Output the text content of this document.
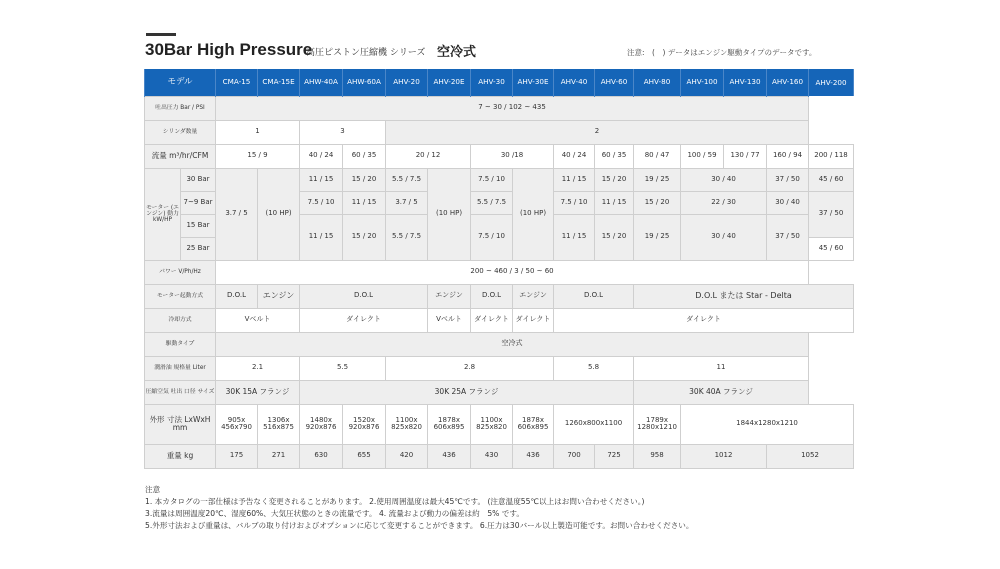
30Bar High Pressure
高圧ピストン圧縮機 シリーズ 空冷式	注意:　(　) データはエンジン駆動タイプのデータです。
モデル		CMA-15	CMA-15E	AHW-40A	AHW-60A	AHV-20	AHV-20E	AHV-30	AHV-30E	AHV-40	AHV-60	AHV-80	AHV-100	AHV-130	AHV-160	AHV-200
吐出圧力 Bar / PSI		7 ~ 30 / 102 ~ 435														
シリンダ数量		1		3		2										
流量 m³/hr/CFM		15 / 9		40 / 24	60 / 35	20 / 12		30 /18		40 / 24	60 / 35	80 / 47	100 / 59	130 / 77	160 / 94	200 / 118
モーター (エンジン) 動力 kW/HP	30 Bar	3.7 / 5	(10 HP)	11 / 15	15 / 20	5.5 / 7.5	(10 HP)	7.5 / 10	(10 HP)	11 / 15	15 / 20	19 / 25	30 / 40		37 / 50	45 / 60
	7~9 Bar			7.5 / 10	11 / 15	3.7 / 5		5.5 / 7.5		7.5 / 10	11 / 15	15 / 20	22 / 30		30 / 40	37 / 50
	15 Bar			11 / 15	15 / 20	5.5 / 7.5		7.5 / 10		11 / 15	15 / 20	19 / 25	30 / 40		37 / 50	
	25 Bar															45 / 60
パワー V/Ph/Hz		200 ~ 460 / 3 / 50 ~ 60														
モーター起動方式		D.O.L	エンジン	D.O.L			エンジン	D.O.L	エンジン	D.O.L		D.O.L または Star - Delta				
冷却方式		Vベルト		ダイレクト			Vベルト	ダイレクト	ダイレクト	ダイレクト						
駆動タイプ		空冷式														
潤滑油 規格量 Liter		2.1		5.5		2.8				5.8		11				
圧縮空気 吐出 口径 サイズ		30K 15A フランジ		30K 25A フランジ								30K 40A フランジ				
外形 寸法 LxWxH mm		905x 456x790	1306x 516x875	1480x 920x876	1520x 920x876	1100x 825x820	1878x 606x895	1100x 825x820	1878x 606x895	1260x800x1100		1789x 1280x1210	1844x1280x1210			
重量 kg		175	271	630	655	420	436	430	436	700	725	958	1012		1052	
注意
1. 本カタログの一部仕様は予告なく変更されることがあります。 2.使用周囲温度は最大45℃です。 (注意温度55℃以上はお問い合わせください。)
3.流量は周囲温度20℃、湿度60%、大気圧状態のときの流量です。 4. 流量および動力の偏差は約　5% です。
5.外形寸法および重量は、バルブの取り付けおよびオプションに応じて変更することができます。 6.圧力は30バール以上製造可能です。お問い合わせください。
